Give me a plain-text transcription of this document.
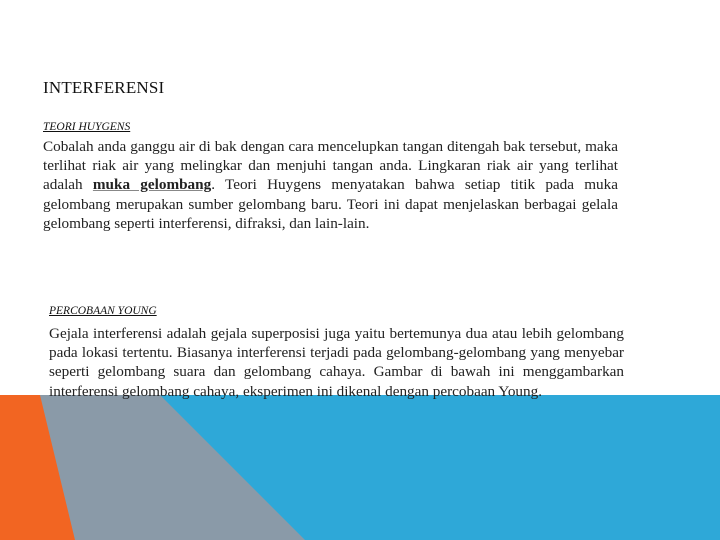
INTERFERENSI
TEORI HUYGENS
Cobalah anda ganggu air di bak dengan cara mencelupkan tangan ditengah bak tersebut, maka terlihat riak air yang melingkar dan menjuhi tangan anda. Lingkaran riak air yang terlihat adalah muka gelombang. Teori Huygens menyatakan bahwa setiap titik pada muka gelombang merupakan sumber gelombang baru. Teori ini dapat menjelaskan berbagai gelala gelombang seperti interferensi, difraksi, dan lain-lain.
PERCOBAAN YOUNG
Gejala interferensi adalah gejala superposisi juga yaitu bertemunya dua atau lebih gelombang pada lokasi tertentu. Biasanya interferensi terjadi pada gelombang-gelombang yang menyebar seperti gelombang suara dan gelombang cahaya. Gambar di bawah ini menggambarkan interferensi gelombang cahaya, eksperimen ini dikenal dengan percobaan Young.
